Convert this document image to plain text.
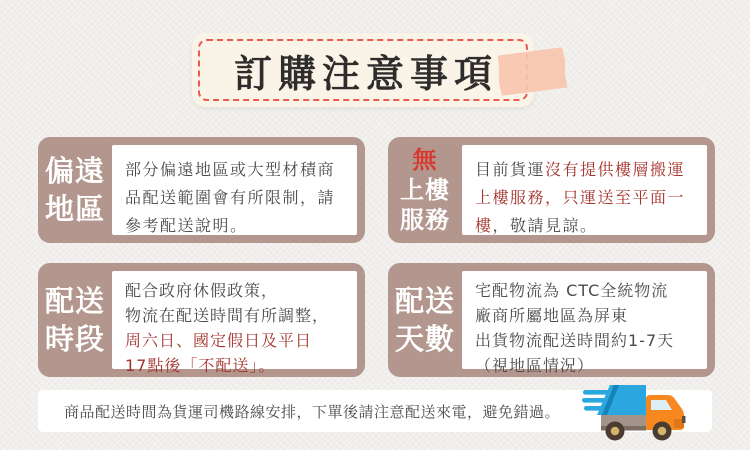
訂購注意事項
偏遠
地區
部分偏遠地區或大型材積商品配送範圍會有所限制，請參考配送說明。
無
上樓
服務
目前貨運沒有提供樓層搬運上樓服務，只運送至平面一樓，敬請見諒。
配送
時段
配合政府休假政策，
物流在配送時間有所調整，
周六日、國定假日及平日
17點後「不配送」。
配送
天數
宅配物流為 CTC全統物流
廠商所屬地區為屏東
出貨物流配送時間約1-7天
（視地區情況）
商品配送時間為貨運司機路線安排，下單後請注意配送來電，避免錯過。
